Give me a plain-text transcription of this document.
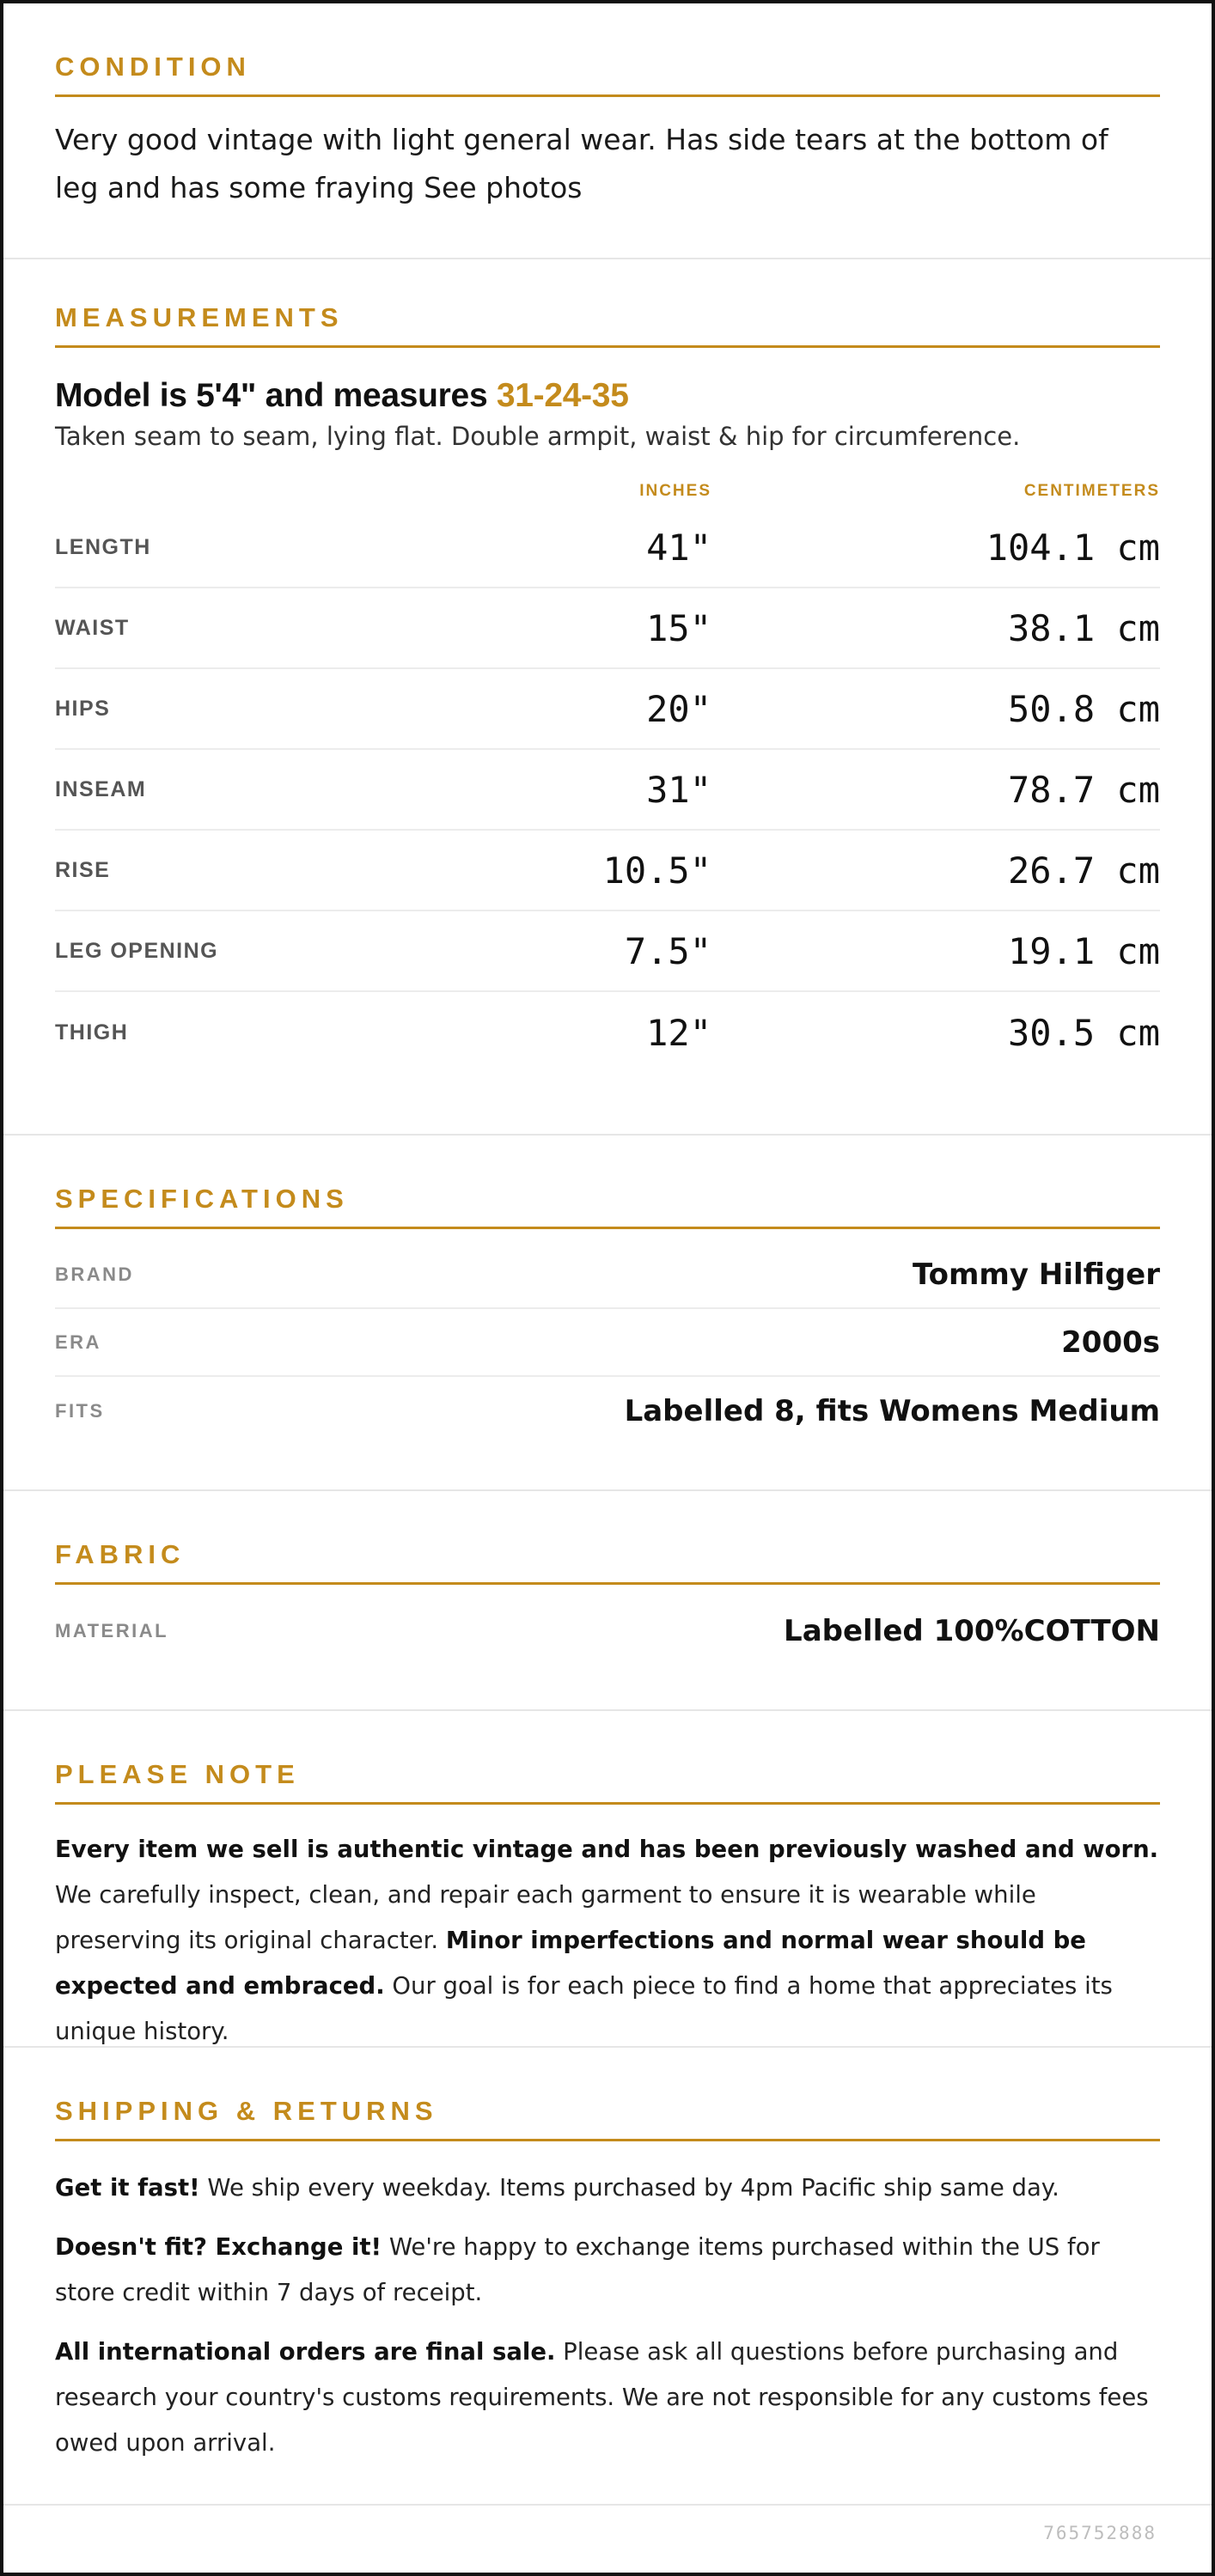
CONDITION

Very good vintage with light general wear. Has side tears at the bottom of leg and has some fraying See photos

MEASUREMENTS
Model is 5'4" and measures 31-24-35

Taken seam to seam, lying flat. Double armpit, waist & hip for circumference.

INCHES	CENTIMETERS
LENGTH	41"	104.1 cm
WAIST	15"	38.1 cm
HIPS	20"	50.8 cm
INSEAM	31"	78.7 cm
RISE	10.5"	26.7 cm
LEG OPENING	7.5"	19.1 cm
THIGH	12"	30.5 cm
SPECIFICATIONS
BRAND	Tommy Hilfiger
ERA	2000s
FITS	Labelled 8, fits Womens Medium
FABRIC
MATERIAL	Labelled 100%COTTON
PLEASE NOTE

Every item we sell is authentic vintage and has been previously washed and worn. We carefully inspect, clean, and repair each garment to ensure it is wearable while preserving its original character. Minor imperfections and normal wear should be expected and embraced. Our goal is for each piece to find a home that appreciates its unique history.

SHIPPING & RETURNS

Get it fast! We ship every weekday. Items purchased by 4pm Pacific ship same day.

Doesn't fit? Exchange it! We're happy to exchange items purchased within the US for store credit within 7 days of receipt.

All international orders are final sale. Please ask all questions before purchasing and research your country's customs requirements. We are not responsible for any customs fees owed upon arrival.

765752888
